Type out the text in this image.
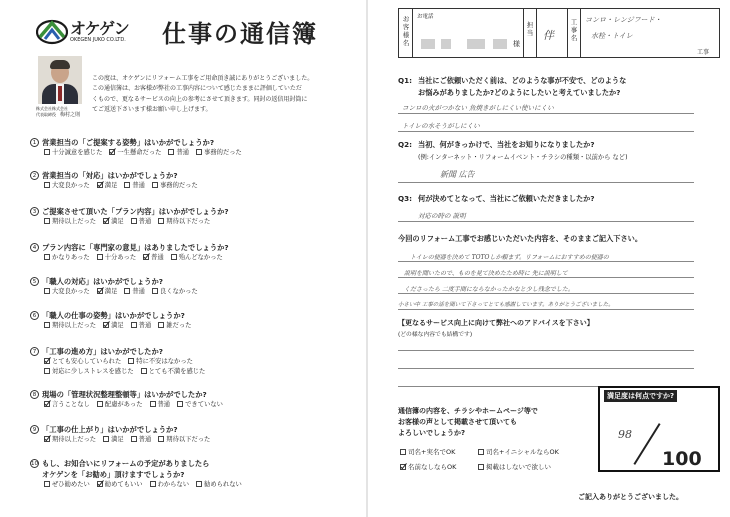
オケゲン
OKEGEN JUKO CO.LTD. 仕事の通信簿
株式会社株式会社
代表取締役　 梅村之則
この度は、オケゲンにリフォーム工事をご用命頂き誠にありがとうございました。
この通信簿は、お客様が弊社の工事内容について感じたままに評価していただ
くもので、更なるサービスの向上の参考にさせて頂きます。同封の返信用封筒に
てご返送下さいます様お願い申し上げます。
1 営業担当の「ご提案する姿勢」はいかがでしょうか?
十分誠意を感じた 一生懸命だった 普通 事務的だった
2 営業担当の「対応」はいかがでしょうか?
大変良かった 満足 普通 事務的だった
3 ご提案させて頂いた「プラン内容」はいかがでしょうか?
期待以上だった 満足 普通 期待以下だった
4 プラン内容に「専門家の意見」はありましたでしょうか?
かなりあった 十分あった 普通 殆んどなかった
5 「職人の対応」はいかがでしょうか?
大変良かった 満足 普通 良くなかった
6 「職人の仕事の姿勢」はいかがでしょうか?
期待以上だった 満足 普通 雑だった
7 「工事の進め方」はいかがでしたか?
とても安心していられた 特に不安はなかった
対応に少しストレスを感じた とても不満を感じた
8 現場の「管理状況整理整頓等」はいかがでしたか?
言うことなし 配慮があった 普通 できていない
9 「工事の仕上がり」はいかがでしょうか?
期待以上だった 満足 普通 期待以下だった
10 もし、お知合いにリフォームの予定がありましたら
オケゲンを「お勧め」頂けますでしょうか?
ぜひ勧めたい 勧めてもいい わからない 勧められない
お客様名
お電話
様
担当 伴
工事名
コンロ・レンジフード・
水栓・トイレ
工事
Q1: 当社にご依頼いただく前は、どのような事が不安で、どのような
お悩みがありましたか?どのようにしたいと考えていましたか?
コンロの火がつかない 魚焼きがしにくい使いにくい
トイレの水そうがしにくい
Q2: 当初、何がきっかけで、当社をお知りになりましたか?
(例:インターネット・リフォームイベント・チラシの種類・以前から など)
新聞 広告
Q3: 何が決めてとなって、当社にご依頼いただきましたか?
対応の時の 説明
今回のリフォーム工事でお感じいただいた内容を、そのままご記入下さい。
トイレの便器を決めて TOTOしか頼まず。リフォームにおすすめの便器の
説明を聞いたので、ものを見て決めたため時に 先に説明して
くださったら 二度手間にならなかったかなと少し残念でした。
小さい中 工事の話を聞いて下さってとても感謝しています。ありがとうございました。
【更なるサービス向上に向けて弊社へのアドバイスを下さい】
(どの様な内容でも結構です)
通信簿の内容を、チラシやホームページ等で
お客様の声として掲載させて頂いても
よろしいでしょうか?
司名+実名でOK	司名+イニシャルならOK
名前なしならOK	掲載はしないで欲しい
満足度は何点ですか?
98
100
ご記入ありがとうございました。
